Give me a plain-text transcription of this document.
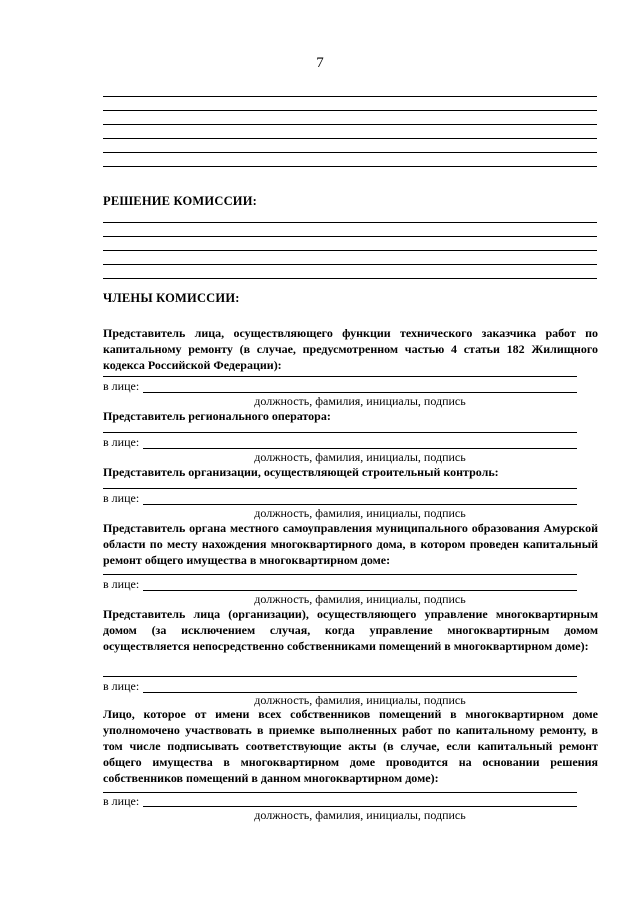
7
РЕШЕНИЕ КОМИССИИ:
ЧЛЕНЫ КОМИССИИ:
Представитель лица, осуществляющего функции технического заказчика работ по капитальному ремонту (в случае, предусмотренном частью 4 статьи 182 Жилищного кодекса Российской Федерации):
в лице:
должность, фамилия, инициалы, подпись
Представитель регионального оператора:
в лице:
должность, фамилия, инициалы, подпись
Представитель организации, осуществляющей строительный контроль:
в лице:
должность, фамилия, инициалы, подпись
Представитель органа местного самоуправления муниципального образования Амурской области по месту нахождения многоквартирного дома, в котором проведен капитальный ремонт общего имущества в многоквартирном доме:
в лице:
должность, фамилия, инициалы, подпись
Представитель лица (организации), осуществляющего управление многоквартирным домом (за исключением случая, когда управление многоквартирным домом осуществляется непосредственно собственниками помещений в многоквартирном доме):
в лице:
должность, фамилия, инициалы, подпись
Лицо, которое от имени всех собственников помещений в многоквартирном доме уполномочено участвовать в приемке выполненных работ по капитальному ремонту, в том числе подписывать соответствующие акты (в случае, если капитальный ремонт общего имущества в многоквартирном доме проводится на основании решения собственников помещений в данном многоквартирном доме):
в лице:
должность, фамилия, инициалы, подпись
